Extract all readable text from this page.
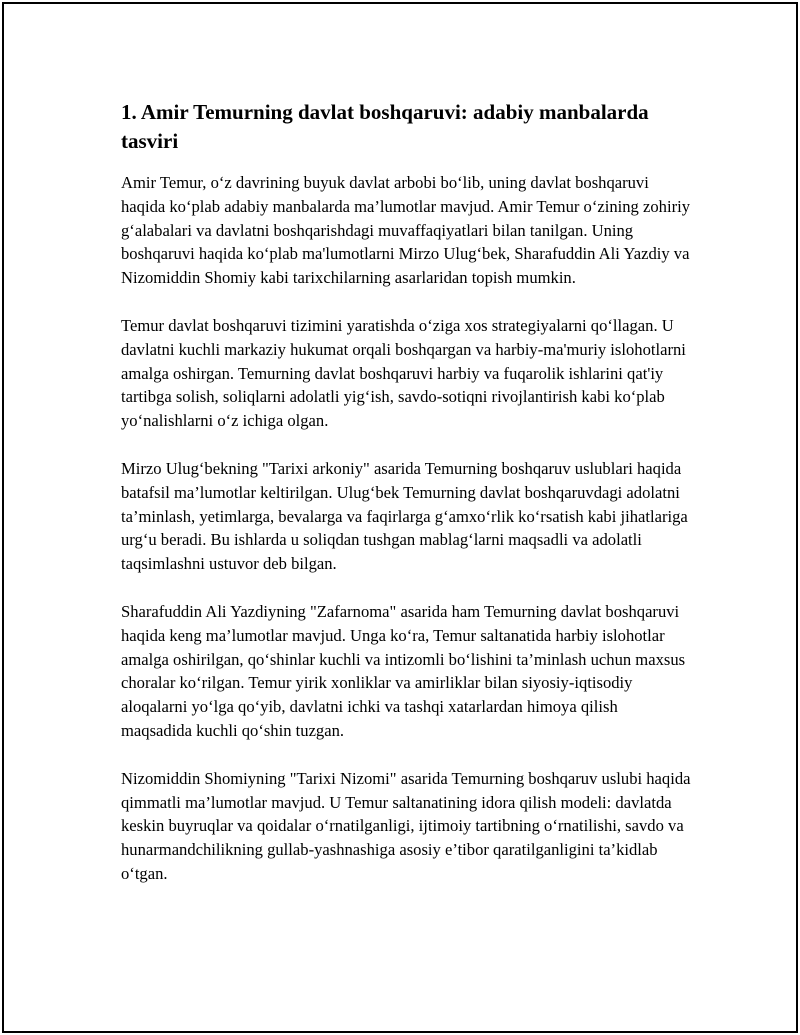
1. Amir Temurning davlat boshqaruvi: adabiy manbalarda tasviri

Amir Temur, o‘z davrining buyuk davlat arbobi bo‘lib, uning davlat boshqaruvi haqida ko‘plab adabiy manbalarda ma’lumotlar mavjud. Amir Temur o‘zining zohiriy g‘alabalari va davlatni boshqarishdagi muvaffaqiyatlari bilan tanilgan. Uning boshqaruvi haqida ko‘plab ma'lumotlarni Mirzo Ulug‘bek, Sharafuddin Ali Yazdiy va Nizomiddin Shomiy kabi tarixchilarning asarlaridan topish mumkin.

Temur davlat boshqaruvi tizimini yaratishda o‘ziga xos strategiyalarni qo‘llagan. U davlatni kuchli markaziy hukumat orqali boshqargan va harbiy-ma'muriy islohotlarni amalga oshirgan. Temurning davlat boshqaruvi harbiy va fuqarolik ishlarini qat'iy tartibga solish, soliqlarni adolatli yig‘ish, savdo-sotiqni rivojlantirish kabi ko‘plab yo‘nalishlarni o‘z ichiga olgan.

Mirzo Ulug‘bekning "Tarixi arkoniy" asarida Temurning boshqaruv uslublari haqida batafsil ma’lumotlar keltirilgan. Ulug‘bek Temurning davlat boshqaruvdagi adolatni ta’minlash, yetimlarga, bevalarga va faqirlarga g‘amxo‘rlik ko‘rsatish kabi jihatlariga urg‘u beradi. Bu ishlarda u soliqdan tushgan mablag‘larni maqsadli va adolatli taqsimlashni ustuvor deb bilgan.

Sharafuddin Ali Yazdiyning "Zafarnoma" asarida ham Temurning davlat boshqaruvi haqida keng ma’lumotlar mavjud. Unga ko‘ra, Temur saltanatida harbiy islohotlar amalga oshirilgan, qo‘shinlar kuchli va intizomli bo‘lishini ta’minlash uchun maxsus choralar ko‘rilgan. Temur yirik xonliklar va amirliklar bilan siyosiy-iqtisodiy aloqalarni yo‘lga qo‘yib, davlatni ichki va tashqi xatarlardan himoya qilish maqsadida kuchli qo‘shin tuzgan.

Nizomiddin Shomiyning "Tarixi Nizomi" asarida Temurning boshqaruv uslubi haqida qimmatli ma’lumotlar mavjud. U Temur saltanatining idora qilish modeli: davlatda keskin buyruqlar va qoidalar o‘rnatilganligi, ijtimoiy tartibning o‘rnatilishi, savdo va hunarmandchilikning gullab-yashnashiga asosiy e’tibor qaratilganligini ta’kidlab o‘tgan.
